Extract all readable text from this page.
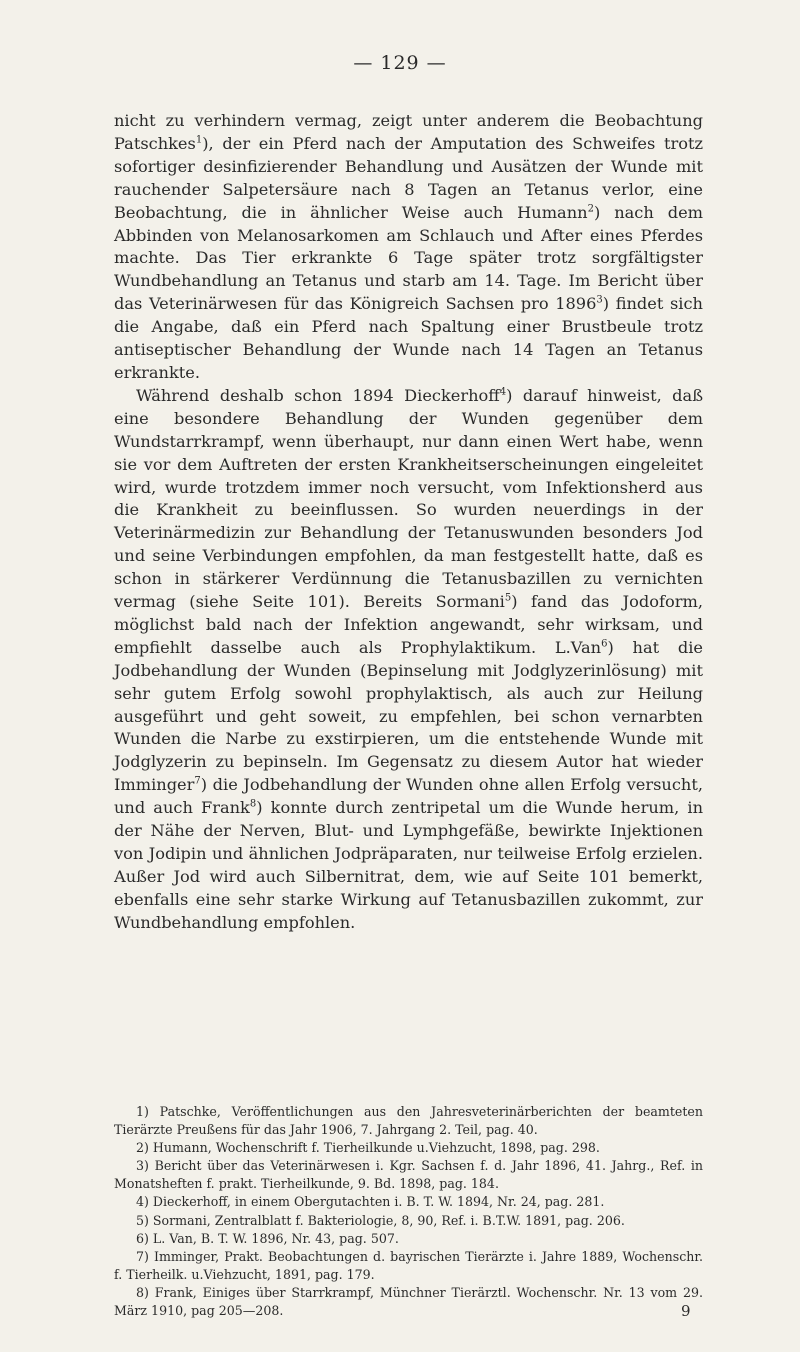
— 129 —

nicht zu verhindern vermag, zeigt unter anderem die Beobachtung Patschkes$^1$), der ein Pferd nach der Amputation des Schweifes trotz sofortiger desinfizierender Behandlung und Ausätzen der Wunde mit rauchender Salpetersäure nach 8 Tagen an Tetanus verlor, eine Beobachtung, die in ähnlicher Weise auch Humann$^2$) nach dem Abbinden von Melanosarkomen am Schlauch und After eines Pferdes machte. Das Tier erkrankte 6 Tage später trotz sorgfältigster Wundbehandlung an Tetanus und starb am 14. Tage. Im Bericht über das Veterinärwesen für das Königreich Sachsen pro 1896$^3$) findet sich die Angabe, daß ein Pferd nach Spaltung einer Brustbeule trotz antiseptischer Behandlung der Wunde nach 14 Tagen an Tetanus erkrankte.

Während deshalb schon 1894 Dieckerhoff$^4$) darauf hinweist, daß eine besondere Behandlung der Wunden gegenüber dem Wundstarrkrampf, wenn überhaupt, nur dann einen Wert habe, wenn sie vor dem Auftreten der ersten Krankheitserscheinungen eingeleitet wird, wurde trotzdem immer noch versucht, vom Infektionsherd aus die Krankheit zu beeinflussen. So wurden neuerdings in der Veterinärmedizin zur Behandlung der Tetanuswunden besonders Jod und seine Verbindungen empfohlen, da man festgestellt hatte, daß es schon in stärkerer Verdünnung die Tetanusbazillen zu vernichten vermag (siehe Seite 101). Bereits Sormani$^5$) fand das Jodoform, möglichst bald nach der Infektion angewandt, sehr wirksam, und empfiehlt dasselbe auch als Prophylaktikum. L.Van$^6$) hat die Jodbehandlung der Wunden (Bepinselung mit Jodglyzerinlösung) mit sehr gutem Erfolg sowohl prophylaktisch, als auch zur Heilung ausgeführt und geht soweit, zu empfehlen, bei schon vernarbten Wunden die Narbe zu exstirpieren, um die entstehende Wunde mit Jodglyzerin zu bepinseln. Im Gegensatz zu diesem Autor hat wieder Imminger$^7$) die Jodbehandlung der Wunden ohne allen Erfolg versucht, und auch Frank$^8$) konnte durch zentripetal um die Wunde herum, in der Nähe der Nerven, Blut- und Lymphgefäße, bewirkte Injektionen von Jodipin und ähnlichen Jodpräparaten, nur teilweise Erfolg erzielen. Außer Jod wird auch Silbernitrat, dem, wie auf Seite 101 bemerkt, ebenfalls eine sehr starke Wirkung auf Tetanusbazillen zukommt, zur Wundbehandlung empfohlen.

1) Patschke, Veröffentlichungen aus den Jahresveterinärberichten der beamteten Tierärzte Preußens für das Jahr 1906, 7. Jahrgang 2. Teil, pag. 40.

2) Humann, Wochenschrift f. Tierheilkunde u.Viehzucht, 1898, pag. 298.

3) Bericht über das Veterinärwesen i. Kgr. Sachsen f. d. Jahr 1896, 41. Jahrg., Ref. in Monatsheften f. prakt. Tierheilkunde, 9. Bd. 1898, pag. 184.

4) Dieckerhoff, in einem Obergutachten i. B. T. W. 1894, Nr. 24, pag. 281.

5) Sormani, Zentralblatt f. Bakteriologie, 8, 90, Ref. i. B.T.W. 1891, pag. 206.

6) L. Van, B. T. W. 1896, Nr. 43, pag. 507.

7) Imminger, Prakt. Beobachtungen d. bayrischen Tierärzte i. Jahre 1889, Wochenschr. f. Tierheilk. u.Viehzucht, 1891, pag. 179.

8) Frank, Einiges über Starrkrampf, Münchner Tierärztl. Wochenschr. Nr. 13 vom 29. März 1910, pag 205—208.	9
